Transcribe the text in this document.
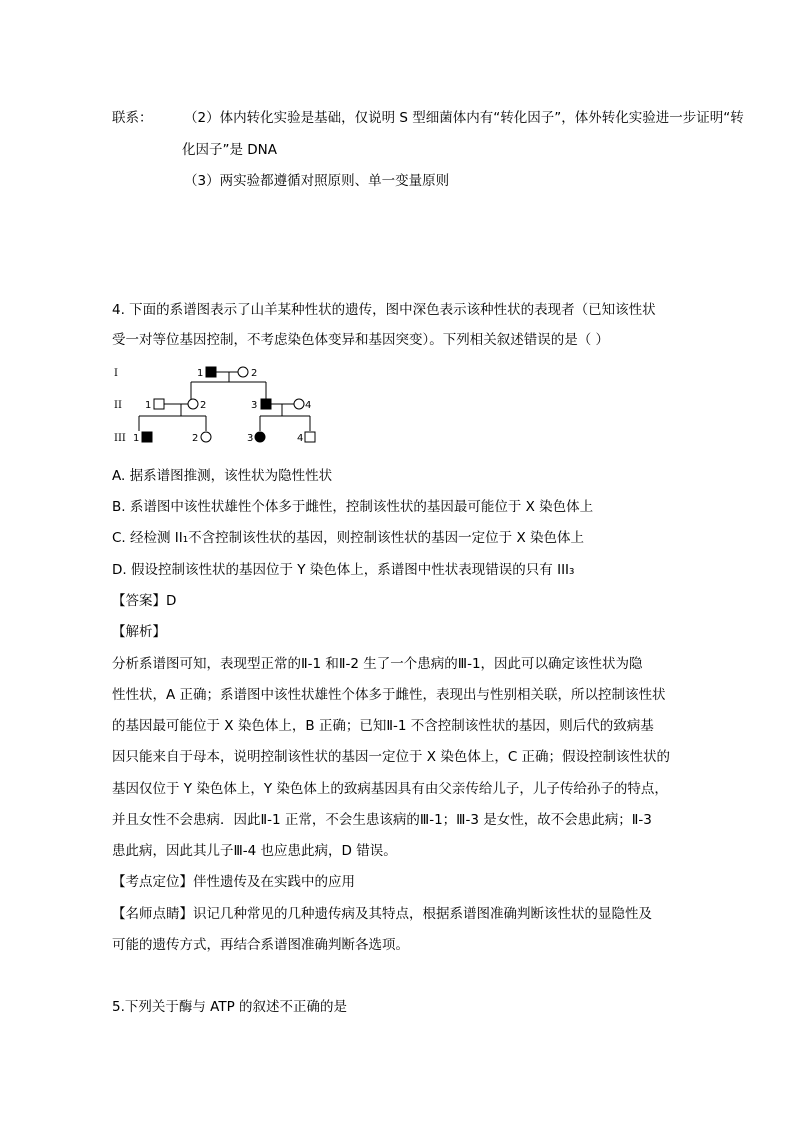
联系： （2）体内转化实验是基础，仅说明 S 型细菌体内有“转化因子”，体外转化实验进一步证明“转
化因子”是 DNA
（3）两实验都遵循对照原则、单一变量原则
4. 下面的系谱图表示了山羊某种性状的遗传，图中深色表示该种性状的表现者（已知该性状
受一对等位基因控制，不考虑染色体变异和基因突变）。下列相关叙述错误的是（ ）
I
II
III
1	2
1	2	3	4
1	2	3	4
A. 据系谱图推测，该性状为隐性性状
B. 系谱图中该性状雄性个体多于雌性，控制该性状的基因最可能位于 X 染色体上
C. 经检测 II₁不含控制该性状的基因，则控制该性状的基因一定位于 X 染色体上
D. 假设控制该性状的基因位于 Y 染色体上，系谱图中性状表现错误的只有 III₃
【答案】D
【解析】
分析系谱图可知，表现型正常的Ⅱ-1 和Ⅱ-2 生了一个患病的Ⅲ-1，因此可以确定该性状为隐
性性状，A 正确；系谱图中该性状雄性个体多于雌性，表现出与性别相关联，所以控制该性状
的基因最可能位于 X 染色体上，B 正确；已知Ⅱ-1 不含控制该性状的基因，则后代的致病基
因只能来自于母本，说明控制该性状的基因一定位于 X 染色体上，C 正确；假设控制该性状的
基因仅位于 Y 染色体上，Y 染色体上的致病基因具有由父亲传给儿子，儿子传给孙子的特点，
并且女性不会患病．因此Ⅱ-1 正常，不会生患该病的Ⅲ-1；Ⅲ-3 是女性，故不会患此病；Ⅱ-3
患此病，因此其儿子Ⅲ-4 也应患此病，D 错误。
【考点定位】伴性遗传及在实践中的应用
【名师点睛】识记几种常见的几种遗传病及其特点，根据系谱图准确判断该性状的显隐性及
可能的遗传方式，再结合系谱图准确判断各选项。
5.下列关于酶与 ATP 的叙述不正确的是
